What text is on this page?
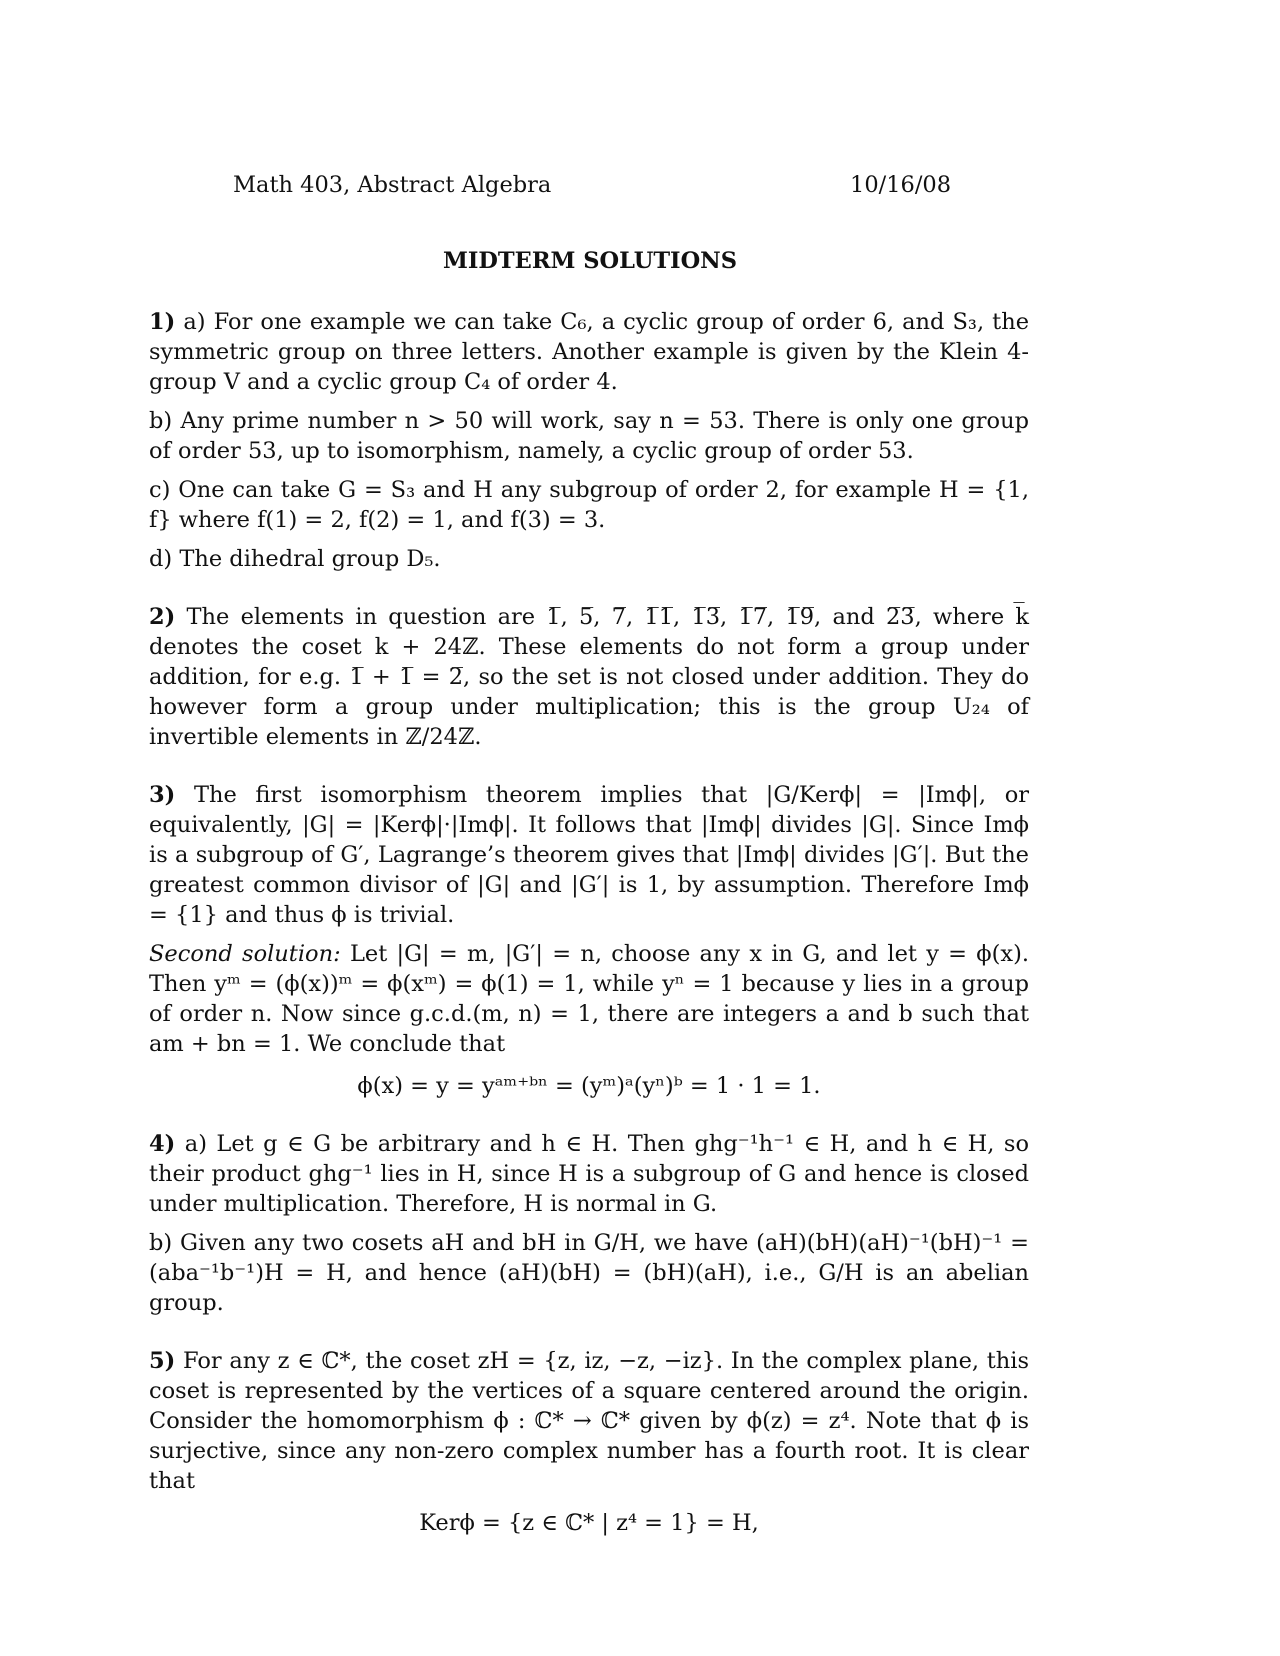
Math 403, Abstract Algebra	10/16/08
MIDTERM SOLUTIONS

1) a) For one example we can take C₆, a cyclic group of order 6, and S₃, the symmetric group on three letters. Another example is given by the Klein 4-group V and a cyclic group C₄ of order 4.

b) Any prime number n > 50 will work, say n = 53. There is only one group of order 53, up to isomorphism, namely, a cyclic group of order 53.

c) One can take G = S₃ and H any subgroup of order 2, for example H = {1, f} where f(1) = 2, f(2) = 1, and f(3) = 3.

d) The dihedral group D₅.

2) The elements in question are 1̅, 5̅, 7̅, 1̅1̅, 1̅3̅, 1̅7̅, 1̅9̅, and 2̅3̅, where k̅ denotes the coset k + 24ℤ. These elements do not form a group under addition, for e.g. 1̅ + 1̅ = 2̅, so the set is not closed under addition. They do however form a group under multiplication; this is the group U₂₄ of invertible elements in ℤ/24ℤ.

3) The first isomorphism theorem implies that |G/Kerϕ| = |Imϕ|, or equivalently, |G| = |Kerϕ|·|Imϕ|. It follows that |Imϕ| divides |G|. Since Imϕ is a subgroup of G′, Lagrange’s theorem gives that |Imϕ| divides |G′|. But the greatest common divisor of |G| and |G′| is 1, by assumption. Therefore Imϕ = {1} and thus ϕ is trivial.

Second solution: Let |G| = m, |G′| = n, choose any x in G, and let y = ϕ(x). Then yᵐ = (ϕ(x))ᵐ = ϕ(xᵐ) = ϕ(1) = 1, while yⁿ = 1 because y lies in a group of order n. Now since g.c.d.(m, n) = 1, there are integers a and b such that am + bn = 1. We conclude that

ϕ(x) = y = yᵃᵐ⁺ᵇⁿ = (yᵐ)ᵃ(yⁿ)ᵇ = 1 · 1 = 1.

4) a) Let g ∈ G be arbitrary and h ∈ H. Then ghg⁻¹h⁻¹ ∈ H, and h ∈ H, so their product ghg⁻¹ lies in H, since H is a subgroup of G and hence is closed under multiplication. Therefore, H is normal in G.

b) Given any two cosets aH and bH in G/H, we have (aH)(bH)(aH)⁻¹(bH)⁻¹ = (aba⁻¹b⁻¹)H = H, and hence (aH)(bH) = (bH)(aH), i.e., G/H is an abelian group.

5) For any z ∈ ℂ*, the coset zH = {z, iz, −z, −iz}. In the complex plane, this coset is represented by the vertices of a square centered around the origin. Consider the homomorphism ϕ : ℂ* → ℂ* given by ϕ(z) = z⁴. Note that ϕ is surjective, since any non-zero complex number has a fourth root. It is clear that

Kerϕ = {z ∈ ℂ* | z⁴ = 1} = H,
